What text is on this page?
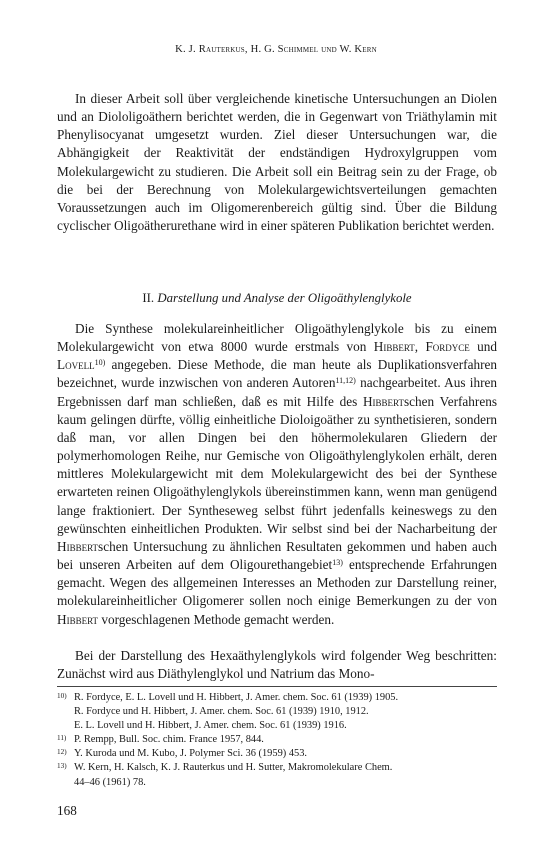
K. J. Rauterkus, H. G. Schimmel und W. Kern

In dieser Arbeit soll über vergleichende kinetische Untersuchungen an Diolen und an Diololigoäthern berichtet werden, die in Gegenwart von Triäthylamin mit Phenylisocyanat umgesetzt wurden. Ziel dieser Untersuchungen war, die Abhängigkeit der Reaktivität der endständigen Hydroxylgruppen vom Molekulargewicht zu studieren. Die Arbeit soll ein Beitrag sein zu der Frage, ob die bei der Berechnung von Molekulargewichtsverteilungen gemachten Voraussetzungen auch im Oligomerenbereich gültig sind. Über die Bildung cyclischer Oligoätherurethane wird in einer späteren Publikation berichtet werden.

II. Darstellung und Analyse der Oligoäthylenglykole

Die Synthese molekulareinheitlicher Oligoäthylenglykole bis zu einem Molekulargewicht von etwa 8000 wurde erstmals von Hibbert, Fordyce und Lovell$^{10)}$ angegeben. Diese Methode, die man heute als Duplikationsverfahren bezeichnet, wurde inzwischen von anderen Autoren$^{11,12)}$ nachgearbeitet. Aus ihren Ergebnissen darf man schließen, daß es mit Hilfe des Hibbertschen Verfahrens kaum gelingen dürfte, völlig einheitliche Dioloigoäther zu synthetisieren, sondern daß man, vor allen Dingen bei den höhermolekularen Gliedern der polymerhomologen Reihe, nur Gemische von Oligoäthylenglykolen erhält, deren mittleres Molekulargewicht mit dem Molekulargewicht des bei der Synthese erwarteten reinen Oligoäthylenglykols übereinstimmen kann, wenn man genügend lange fraktioniert. Der Syntheseweg selbst führt jedenfalls keineswegs zu den gewünschten einheitlichen Produkten. Wir selbst sind bei der Nacharbeitung der Hibbertschen Untersuchung zu ähnlichen Resultaten gekommen und haben auch bei unseren Arbeiten auf dem Oligourethangebiet$^{13)}$ entsprechende Erfahrungen gemacht. Wegen des allgemeinen Interesses an Methoden zur Darstellung reiner, molekulareinheitlicher Oligomerer sollen noch einige Bemerkungen zu der von Hibbert vorgeschlagenen Methode gemacht werden.

Bei der Darstellung des Hexaäthylenglykols wird folgender Weg beschritten: Zunächst wird aus Diäthylenglykol und Natrium das Mono-

10) R. Fordyce, E. L. Lovell und H. Hibbert, J. Amer. chem. Soc. 61 (1939) 1905.
R. Fordyce und H. Hibbert, J. Amer. chem. Soc. 61 (1939) 1910, 1912.
E. L. Lovell und H. Hibbert, J. Amer. chem. Soc. 61 (1939) 1916.
11) P. Rempp, Bull. Soc. chim. France 1957, 844.
12) Y. Kuroda und M. Kubo, J. Polymer Sci. 36 (1959) 453.
13) W. Kern, H. Kalsch, K. J. Rauterkus und H. Sutter, Makromolekulare Chem.
44–46 (1961) 78.
168
